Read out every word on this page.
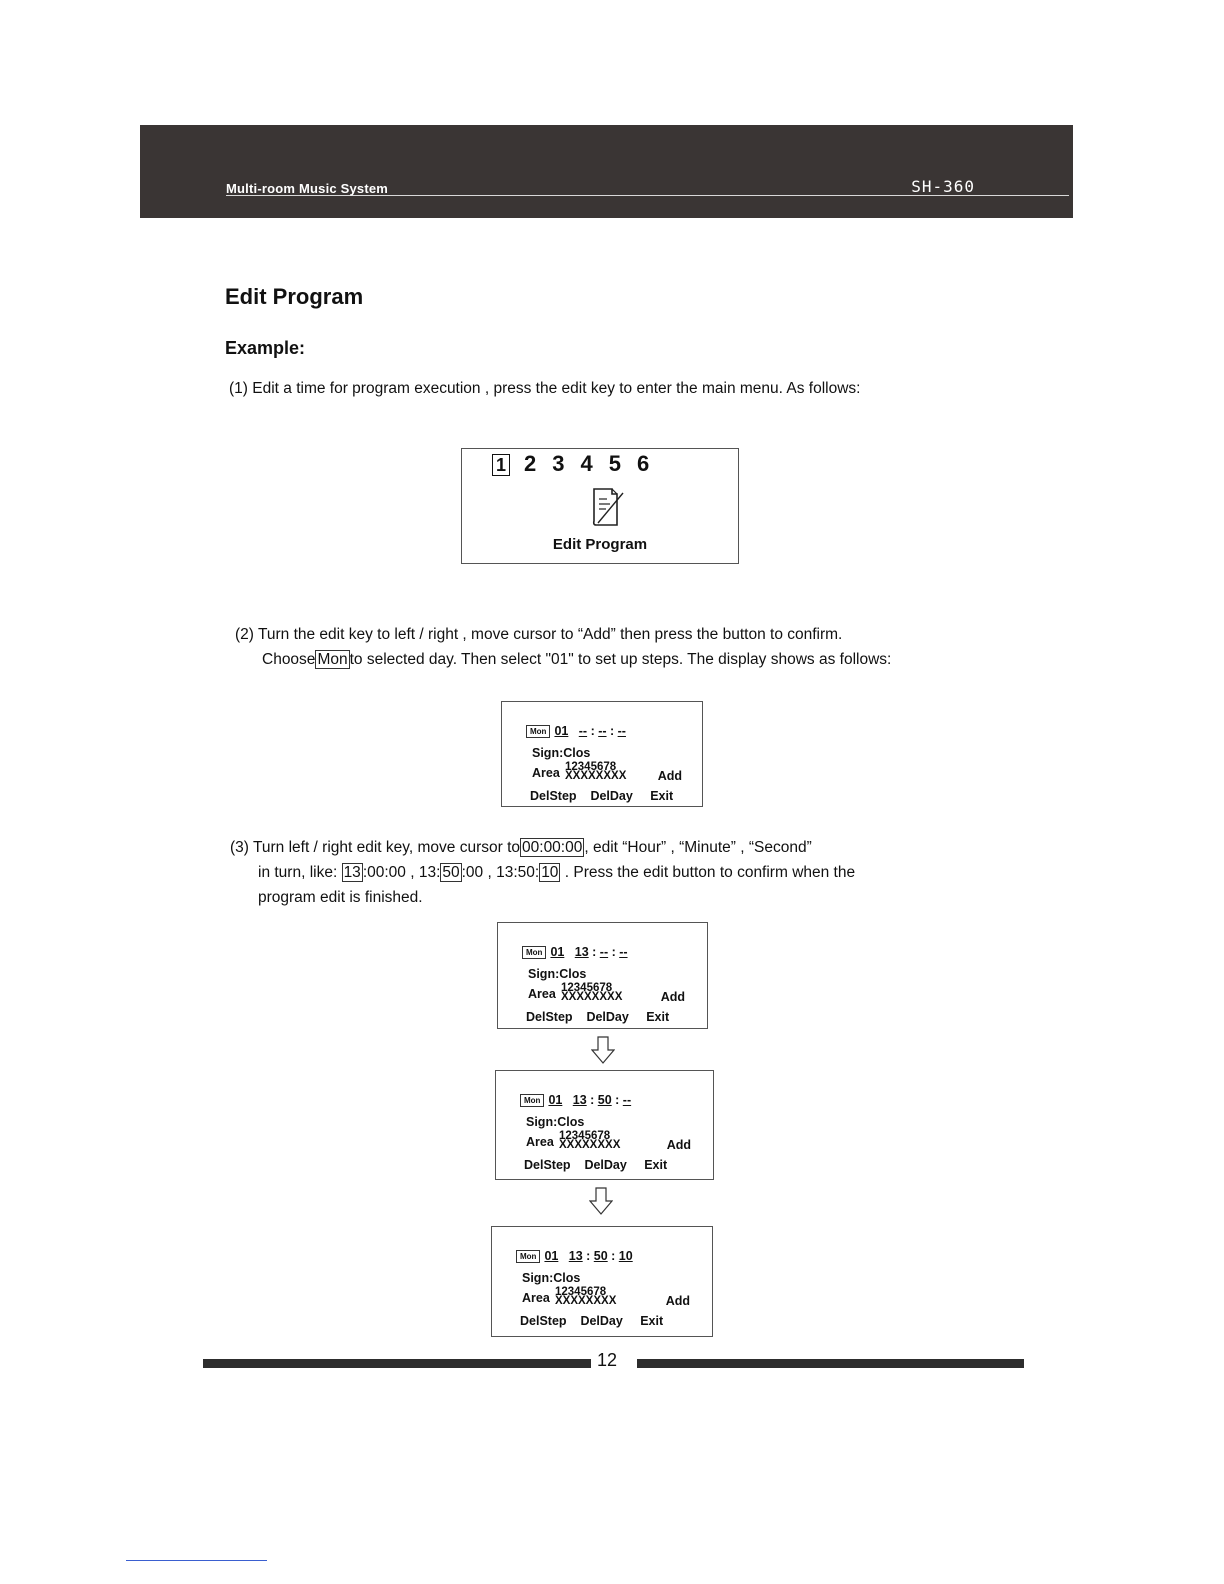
Multi-room Music System	SH-360
Edit Program
Example:
(1) Edit a time for program execution , press the edit key to enter the main menu. As follows:
1 2 3 4 5 6
Edit Program
(2) Turn the edit key to left / right , move cursor to “Add” then press the button to confirm.
Choose Mon to selected day. Then select "01" to set up steps. The display shows as follows:
(3) Turn left / right edit key, move cursor to 00:00:00 , edit “Hour” , “Minute” , “Second”
in turn, like: 13 :00:00 , 13: 50 :00 , 13:50: 10 . Press the edit button to confirm when the
program edit is finished.
Mon 01 -- : -- : --
Sign:Clos
Area 12345678
XXXXXXXX	Add
DelStep DelDay Exit
Mon 01 13 : -- : --
Sign:Clos
Area 12345678
XXXXXXXX	Add
DelStep DelDay Exit
Mon 01 13 : 50 : --
Sign:Clos
Area 12345678
XXXXXXXX	Add
DelStep DelDay Exit
Mon 01 13 : 50 : 10
Sign:Clos
Area 12345678
XXXXXXXX	Add
DelStep DelDay Exit
12
